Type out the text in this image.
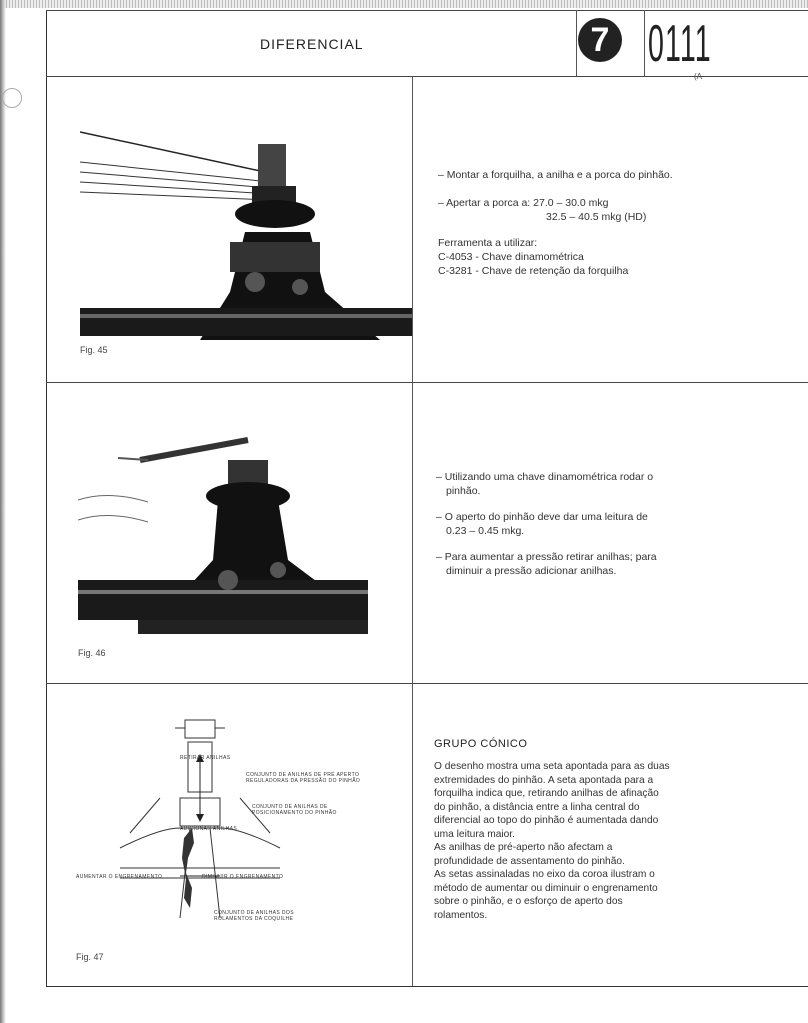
DIFERENCIAL	7 0111
(A
Fig. 45

– Montar a forquilha, a anilha e a porca do pinhão.

– Apertar a porca a: 27.0 – 30.0 mkg

32.5 – 40.5 mkg (HD)

Ferramenta a utilizar:

C-4053 - Chave dinamométrica

C-3281 - Chave de retenção da forquilha

Fig. 46

– Utilizando uma chave dinamométrica rodar o

pinhão.

– O aperto do pinhão deve dar uma leitura de

0.23 – 0.45 mkg.

– Para aumentar a pressão retirar anilhas; para

diminuir a pressão adicionar anilhas.

RETIRAR ANILHAS
CONJUNTO DE ANILHAS DE PRÉ APERTO REGULADORAS DA PRESSÃO DO PINHÃO
CONJUNTO DE ANILHAS DE POSICIONAMENTO DO PINHÃO
ADICIONAR ANILHAS
AUMENTAR O ENGRENAMENTO	DIMINUIR O ENGRENAMENTO
CONJUNTO DE ANILHAS DOS ROLAMENTOS DA COQUILHE
Fig. 47
GRUPO CÓNICO
O desenho mostra uma seta apontada para as duas
extremidades do pinhão. A seta apontada para a
forquilha indica que, retirando anilhas de afinação
do pinhão, a distância entre a linha central do
diferencial ao topo do pinhão é aumentada dando
uma leitura maior.
As anilhas de pré-aperto não afectam a
profundidade de assentamento do pinhão.
As setas assinaladas no eixo da coroa ilustram o
método de aumentar ou diminuir o engrenamento
sobre o pinhão, e o esforço de aperto dos
rolamentos.
